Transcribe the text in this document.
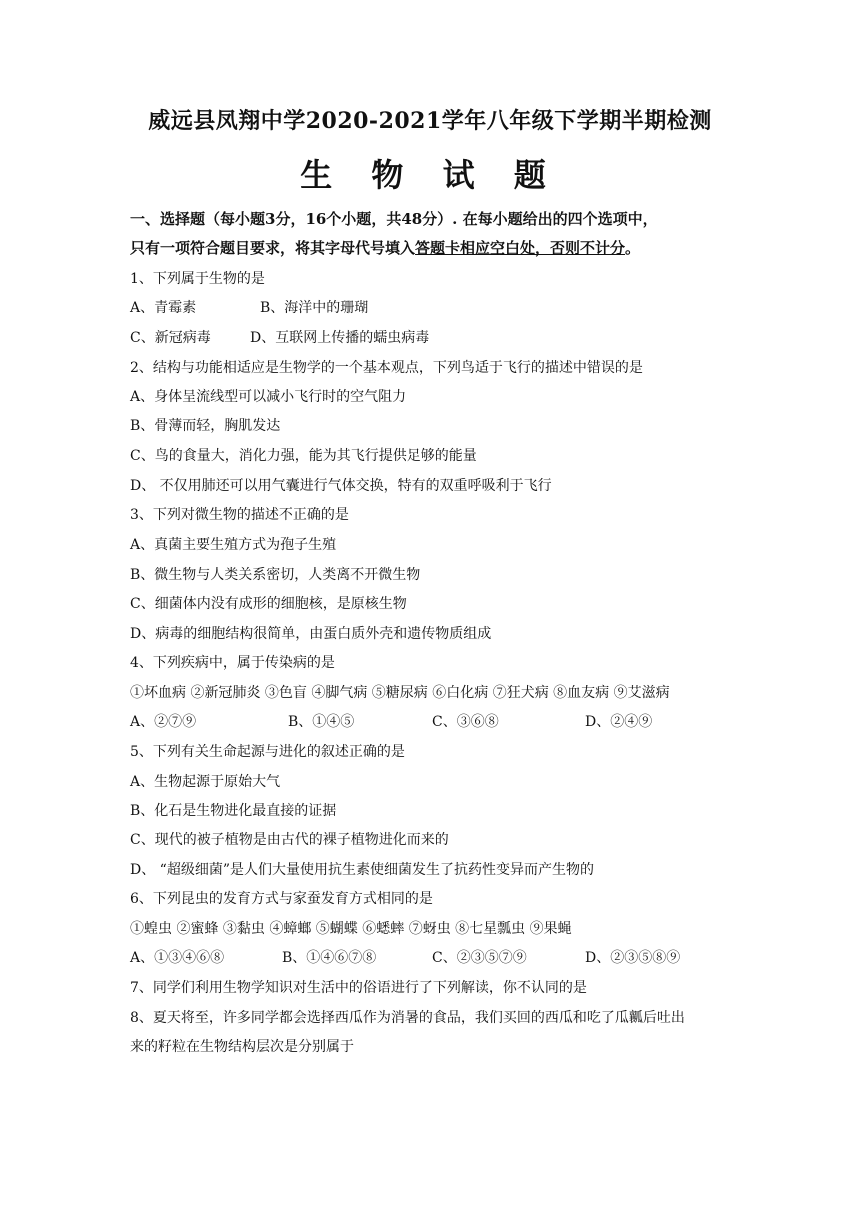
威远县凤翔中学2020-2021学年八年级下学期半期检测
生 物 试 题
一、选择题（每小题3分，16个小题，共48分）. 在每小题给出的四个选项中，
只有一项符合题目要求，将其字母代号填入答题卡相应空白处，否则不计分。
1、下列属于生物的是
A、青霉素	B、海洋中的珊瑚
C、新冠病毒	D、互联网上传播的蠕虫病毒
2、结构与功能相适应是生物学的一个基本观点，下列鸟适于飞行的描述中错误的是
A、身体呈流线型可以减小飞行时的空气阻力
B、骨薄而轻，胸肌发达
C、鸟的食量大，消化力强，能为其飞行提供足够的能量
D、 不仅用肺还可以用气囊进行气体交换，特有的双重呼吸利于飞行
3、下列对微生物的描述不正确的是
A、真菌主要生殖方式为孢子生殖
B、微生物与人类关系密切，人类离不开微生物
C、细菌体内没有成形的细胞核，是原核生物
D、病毒的细胞结构很简单，由蛋白质外壳和遗传物质组成
4、下列疾病中，属于传染病的是
①坏血病 ②新冠肺炎 ③色盲 ④脚气病 ⑤糖尿病 ⑥白化病 ⑦狂犬病 ⑧血友病 ⑨艾滋病
A、②⑦⑨	B、①④⑤	C、③⑥⑧	D、②④⑨
5、下列有关生命起源与进化的叙述正确的是
A、生物起源于原始大气
B、化石是生物进化最直接的证据
C、现代的被子植物是由古代的裸子植物进化而来的
D、 “超级细菌”是人们大量使用抗生素使细菌发生了抗药性变异而产生物的
6、下列昆虫的发育方式与家蚕发育方式相同的是
①蝗虫 ②蜜蜂 ③黏虫 ④蟑螂 ⑤蝴蝶 ⑥蟋蟀 ⑦蚜虫 ⑧七星瓢虫 ⑨果蝇
A、①③④⑥⑧	B、①④⑥⑦⑧	C、②③⑤⑦⑨	D、②③⑤⑧⑨
7、同学们利用生物学知识对生活中的俗语进行了下列解读，你不认同的是
8、夏天将至，许多同学都会选择西瓜作为消暑的食品，我们买回的西瓜和吃了瓜瓤后吐出
来的籽粒在生物结构层次是分别属于
